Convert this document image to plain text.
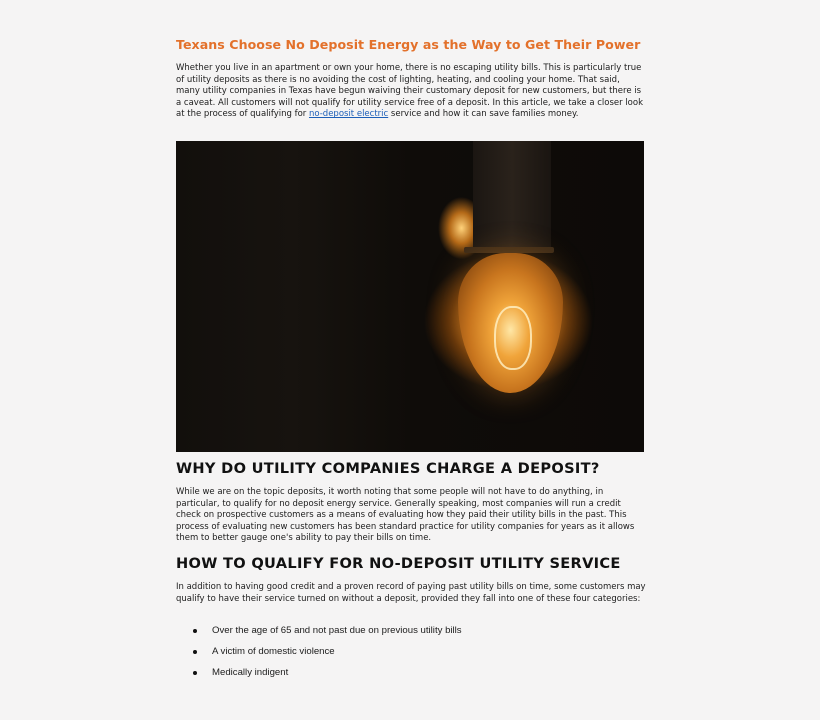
Texans Choose No Deposit Energy as the Way to Get Their Power

Whether you live in an apartment or own your home, there is no escaping utility bills. This is particularly true of utility deposits as there is no avoiding the cost of lighting, heating, and cooling your home. That said, many utility companies in Texas have begun waiving their customary deposit for new customers, but there is a caveat. All customers will not qualify for utility service free of a deposit. In this article, we take a closer look at the process of qualifying for no-deposit electric service and how it can save families money.

WHY DO UTILITY COMPANIES CHARGE A DEPOSIT?

While we are on the topic deposits, it worth noting that some people will not have to do anything, in particular, to qualify for no deposit energy service. Generally speaking, most companies will run a credit check on prospective customers as a means of evaluating how they paid their utility bills in the past. This process of evaluating new customers has been standard practice for utility companies for years as it allows them to better gauge one's ability to pay their bills on time.

HOW TO QUALIFY FOR NO-DEPOSIT UTILITY SERVICE

In addition to having good credit and a proven record of paying past utility bills on time, some customers may qualify to have their service turned on without a deposit, provided they fall into one of these four categories:

Over the age of 65 and not past due on previous utility bills
A victim of domestic violence
Medically indigent
